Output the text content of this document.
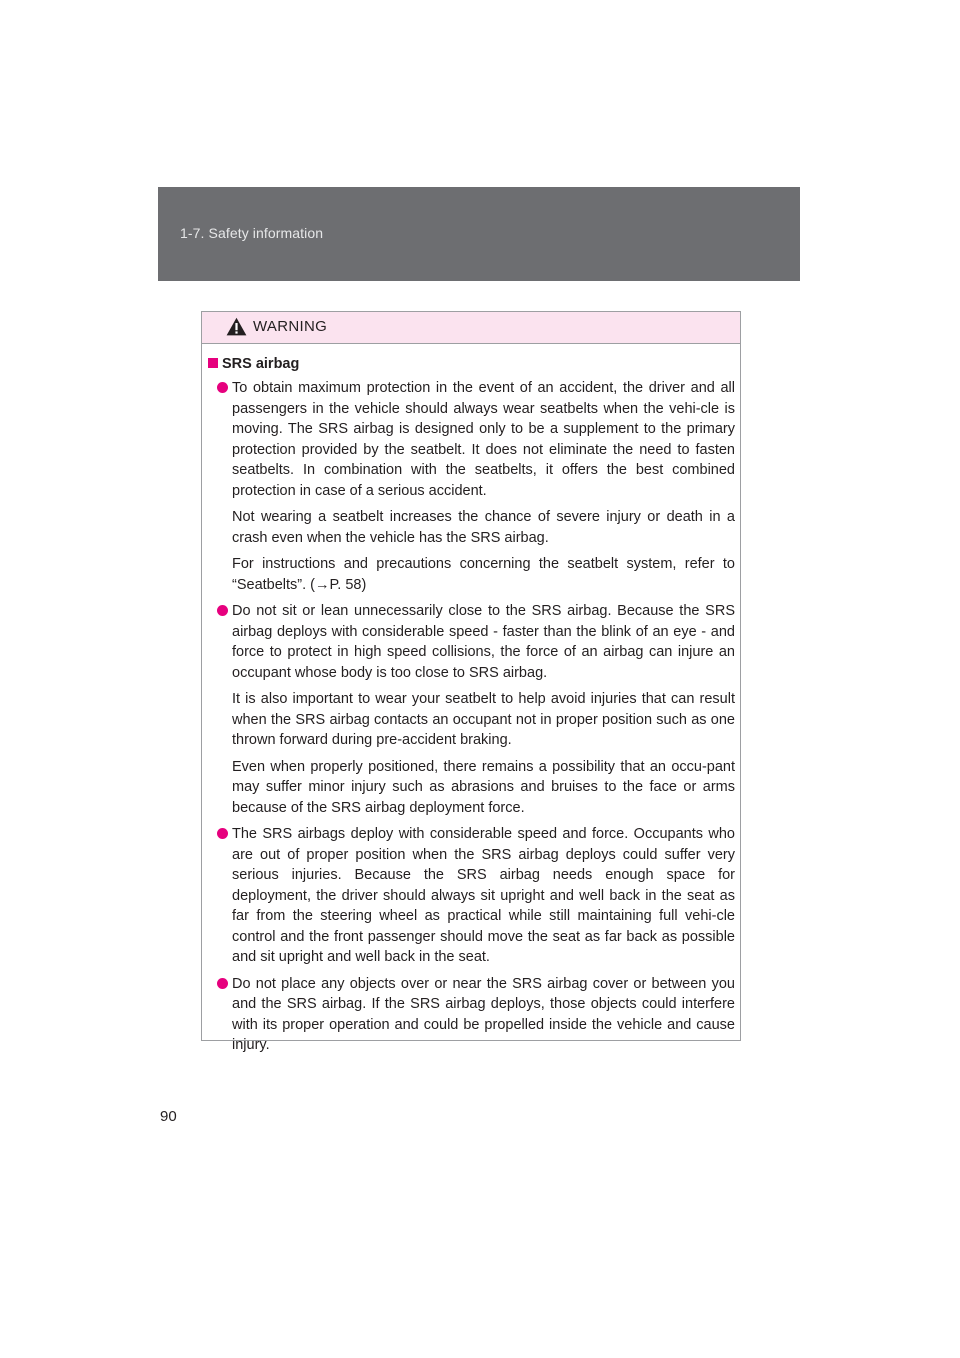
1-7. Safety information
WARNING
SRS airbag

To obtain maximum protection in the event of an accident, the driver and all passengers in the vehicle should always wear seatbelts when the vehi-cle is moving. The SRS airbag is designed only to be a supplement to the primary protection provided by the seatbelt. It does not eliminate the need to fasten seatbelts. In combination with the seatbelts, it offers the best combined protection in case of a serious accident.

Not wearing a seatbelt increases the chance of severe injury or death in a crash even when the vehicle has the SRS airbag.

For instructions and precautions concerning the seatbelt system, refer to “Seatbelts”. (→P. 58)

Do not sit or lean unnecessarily close to the SRS airbag. Because the SRS airbag deploys with considerable speed - faster than the blink of an eye - and force to protect in high speed collisions, the force of an airbag can injure an occupant whose body is too close to SRS airbag.

It is also important to wear your seatbelt to help avoid injuries that can result when the SRS airbag contacts an occupant not in proper position such as one thrown forward during pre-accident braking.

Even when properly positioned, there remains a possibility that an occu-pant may suffer minor injury such as abrasions and bruises to the face or arms because of the SRS airbag deployment force.

The SRS airbags deploy with considerable speed and force. Occupants who are out of proper position when the SRS airbag deploys could suffer very serious injuries. Because the SRS airbag needs enough space for deployment, the driver should always sit upright and well back in the seat as far from the steering wheel as practical while still maintaining full vehi-cle control and the front passenger should move the seat as far back as possible and sit upright and well back in the seat.

Do not place any objects over or near the SRS airbag cover or between you and the SRS airbag. If the SRS airbag deploys, those objects could interfere with its proper operation and could be propelled inside the vehicle and cause injury.

90
